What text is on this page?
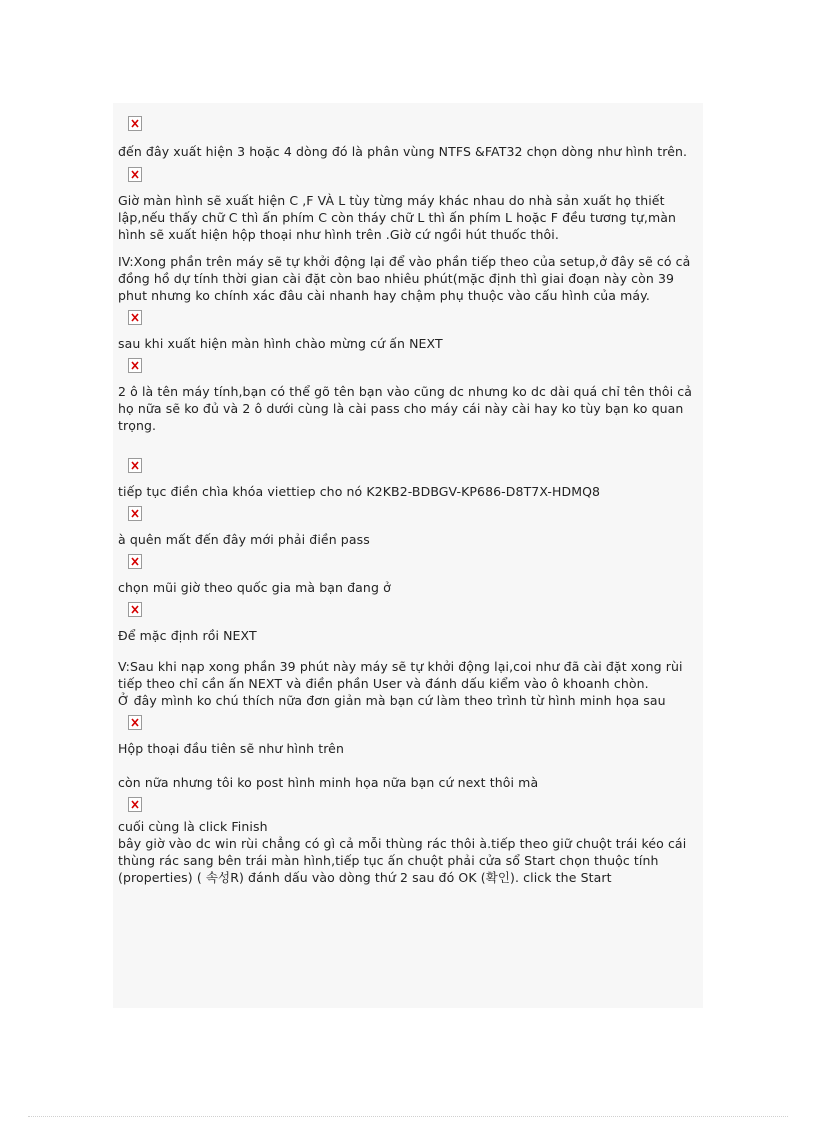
đến đây xuất hiện 3 hoặc 4 dòng đó là phân vùng NTFS &FAT32 chọn dòng như hình trên.

Giờ màn hình sẽ xuất hiện C ,F VÀ L tùy từng máy khác nhau do nhà sản xuất họ thiết lập,nếu thấy chữ C thì ấn phím C còn tháy chữ L thì ấn phím L hoặc F đều tương tự,màn hình sẽ xuất hiện hộp thoại như hình trên .Giờ cứ ngồi hút thuốc thôi.

IV:Xong phần trên máy sẽ tự khởi động lại để vào phần tiếp theo của setup,ở đây sẽ có cả đồng hồ dự tính thời gian cài đặt còn bao nhiêu phút(mặc định thì giai đoạn này còn 39 phut nhưng ko chính xác đâu cài nhanh hay chậm phụ thuộc vào cấu hình của máy.

sau khi xuất hiện màn hình chào mừng cứ ấn NEXT

2 ô là tên máy tính,bạn có thể gõ tên bạn vào cũng dc nhưng ko dc dài quá chỉ tên thôi cả họ nữa sẽ ko đủ và 2 ô dưới cùng là cài pass cho máy cái này cài hay ko tùy bạn ko quan trọng.

tiếp tục điền chìa khóa viettiep cho nó K2KB2-BDBGV-KP686-D8T7X-HDMQ8

à quên mất đến đây mới phải điền pass

chọn mũi giờ theo quốc gia mà bạn đang ở

Để mặc định rồi NEXT

V:Sau khi nạp xong phần 39 phút này máy sẽ tự khởi động lại,coi như đã cài đặt xong rùi tiếp theo chỉ cần ấn NEXT và điền phần User và đánh dấu kiểm vào ô khoanh chòn.

Ở đây mình ko chú thích nữa đơn giản mà bạn cứ làm theo trình từ hình minh họa sau

Hộp thoại đầu tiên sẽ như hình trên

còn nữa nhưng tôi ko post hình minh họa nữa bạn cứ next thôi mà

cuối cùng là click Finish

bây giờ vào dc win rùi chẳng có gì cả mỗi thùng rác thôi à.tiếp theo giữ chuột trái kéo cái thùng rác sang bên trái màn hình,tiếp tục ấn chuột phải cửa sổ Start chọn thuộc tính (properties) ( 속성R) đánh dấu vào dòng thứ 2 sau đó OK (확인). click the Start
